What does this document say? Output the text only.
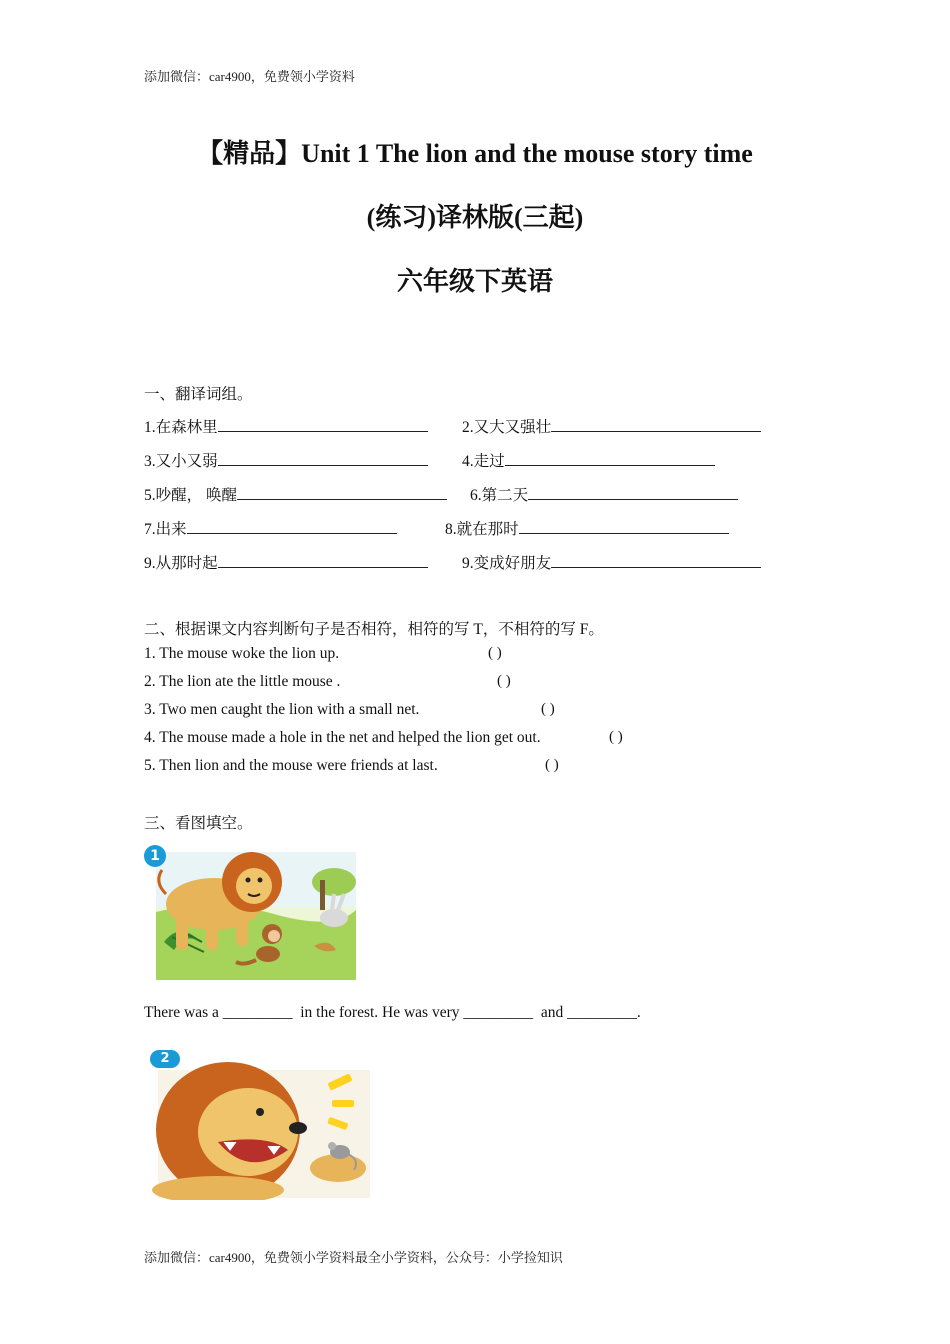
添加微信：car4900，免费领小学资料
【精品】Unit 1 The lion and the mouse story time
(练习)译林版(三起)
六年级下英语
一、翻译词组。
1.在森林里	2.又大又强壮
3.又小又弱	4.走过
5.吵醒， 唤醒	6.第二天
7.出来	8.就在那时
9.从那时起	9.变成好朋友
二、根据课文内容判断句子是否相符，相符的写 T，不相符的写 F。
1. The mouse woke the lion up.	( )
2. The lion ate the little mouse .	( )
3. Two men caught the lion with a small net.	( )
4. The mouse made a hole in the net and helped the lion get out.	( )
5. Then lion and the mouse were friends at last.	( )
三、看图填空。
1
There was a _________  in the forest. He was very _________  and _________.
2
添加微信：car4900，免费领小学资料最全小学资料，公众号：小学捡知识
